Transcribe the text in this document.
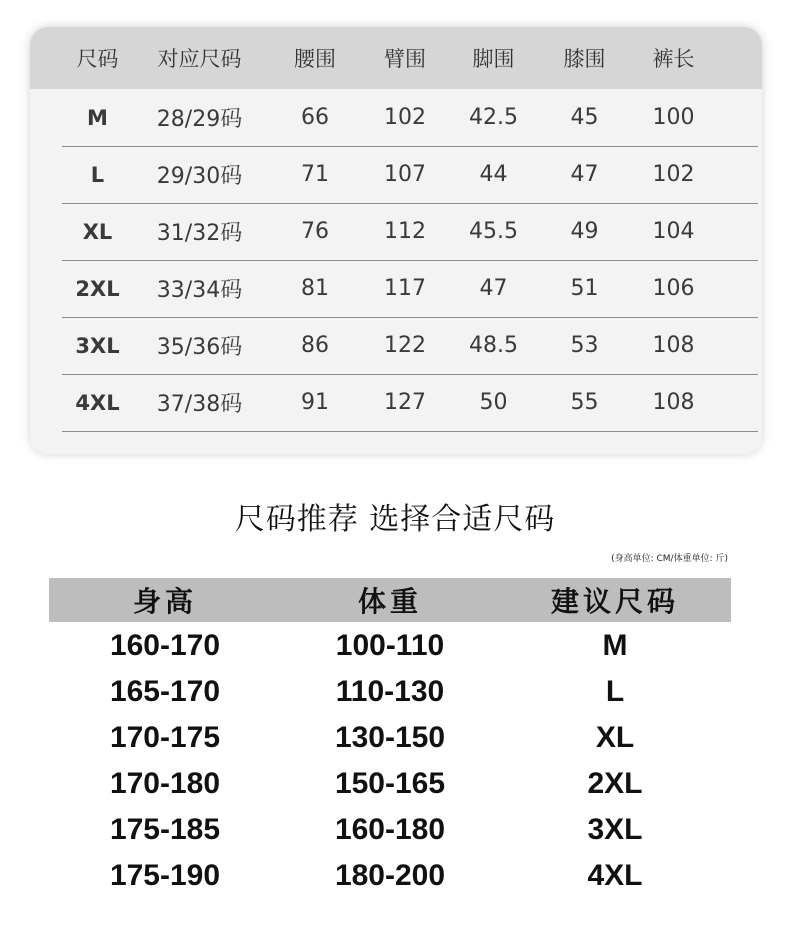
尺码	对应尺码	腰围	臂围	脚围	膝围	裤长
M	28/29码	66	102	42.5	45	100
L	29/30码	71	107	44	47	102
XL	31/32码	76	112	45.5	49	104
2XL	33/34码	81	117	47	51	106
3XL	35/36码	86	122	48.5	53	108
4XL	37/38码	91	127	50	55	108
尺码推荐 选择合适尺码
(身高单位: CM/体重单位: 斤)
身高	体重	建议尺码
160-170	100-110	M
165-170	110-130	L
170-175	130-150	XL
170-180	150-165	2XL
175-185	160-180	3XL
175-190	180-200	4XL
